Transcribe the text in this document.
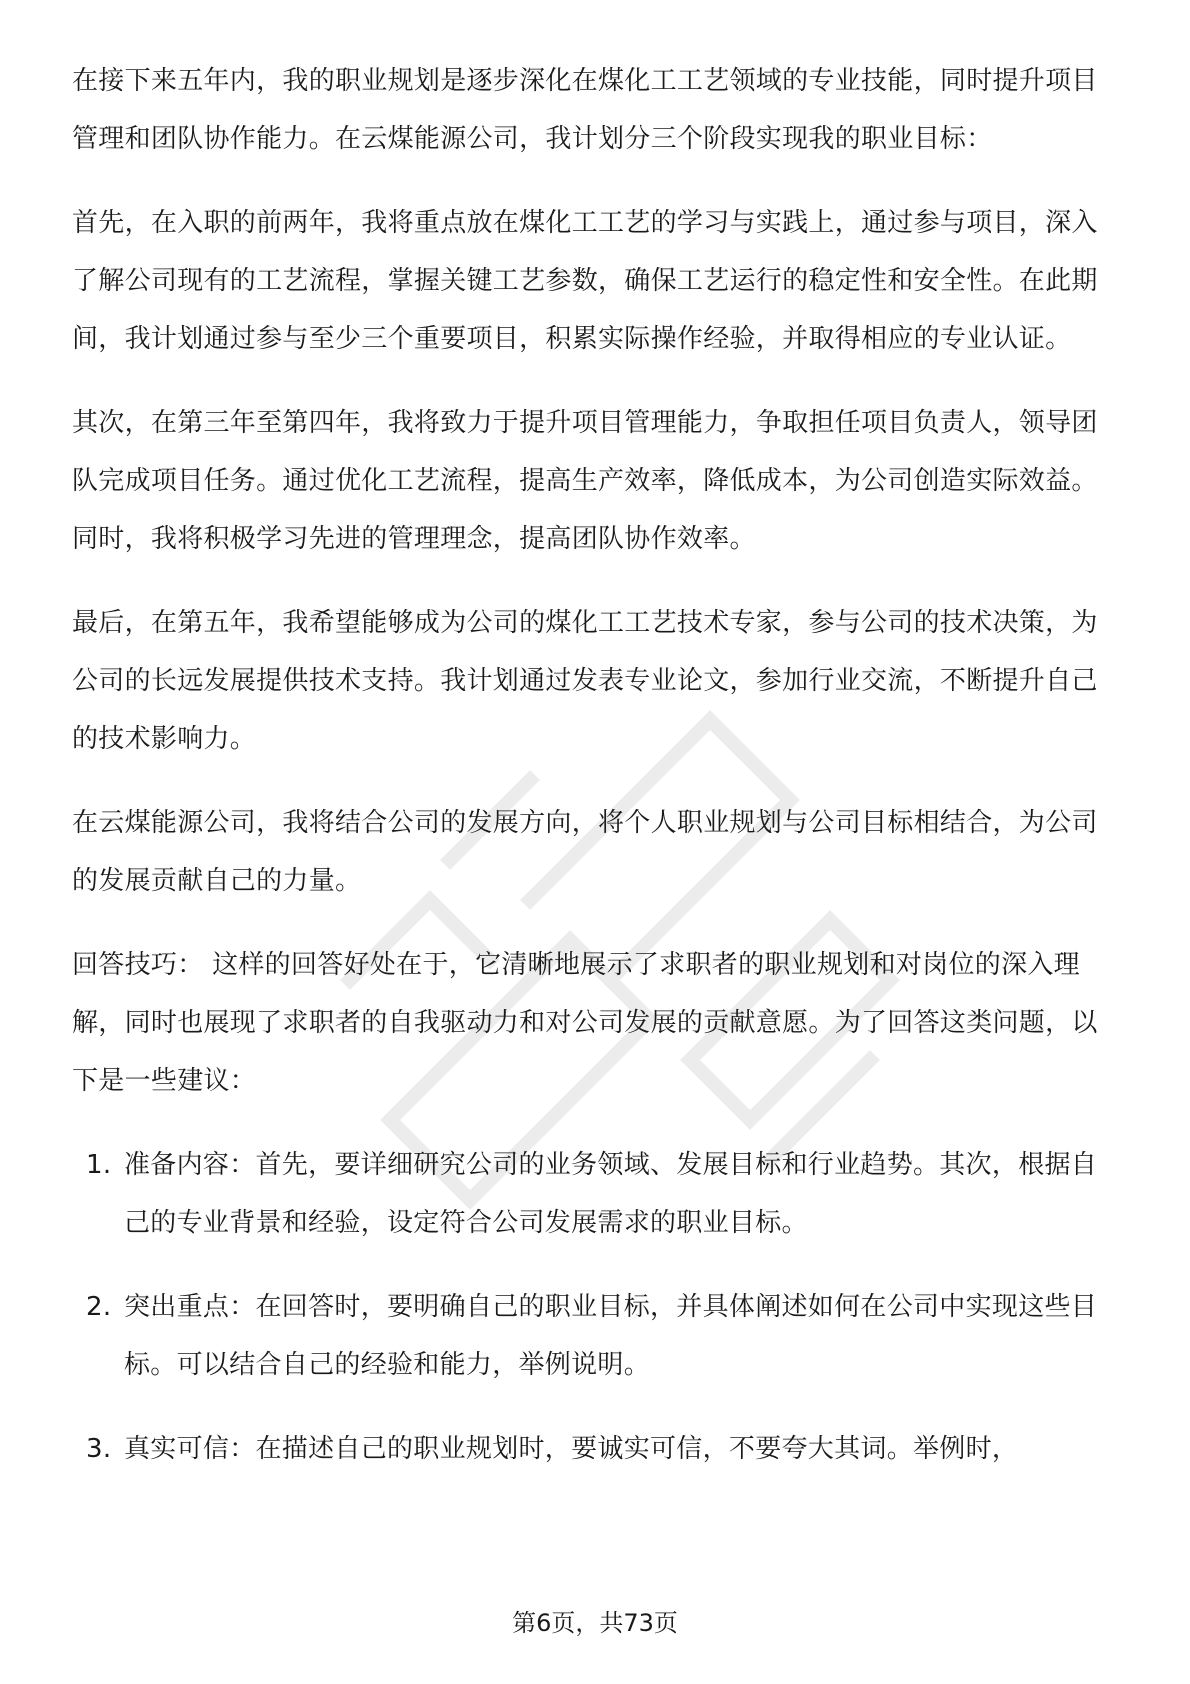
在接下来五年内，我的职业规划是逐步深化在煤化工工艺领域的专业技能，同时提升项目管理和团队协作能力。在云煤能源公司，我计划分三个阶段实现我的职业目标：

首先，在入职的前两年，我将重点放在煤化工工艺的学习与实践上，通过参与项目，深入了解公司现有的工艺流程，掌握关键工艺参数，确保工艺运行的稳定性和安全性。在此期间，我计划通过参与至少三个重要项目，积累实际操作经验，并取得相应的专业认证。

其次，在第三年至第四年，我将致力于提升项目管理能力，争取担任项目负责人，领导团队完成项目任务。通过优化工艺流程，提高生产效率，降低成本，为公司创造实际效益。同时，我将积极学习先进的管理理念，提高团队协作效率。

最后，在第五年，我希望能够成为公司的煤化工工艺技术专家，参与公司的技术决策，为公司的长远发展提供技术支持。我计划通过发表专业论文，参加行业交流，不断提升自己的技术影响力。

在云煤能源公司，我将结合公司的发展方向，将个人职业规划与公司目标相结合，为公司的发展贡献自己的力量。

回答技巧： 这样的回答好处在于，它清晰地展示了求职者的职业规划和对岗位的深入理解，同时也展现了求职者的自我驱动力和对公司发展的贡献意愿。为了回答这类问题，以下是一些建议：

1. 准备内容：首先，要详细研究公司的业务领域、发展目标和行业趋势。其次，根据自己的专业背景和经验，设定符合公司发展需求的职业目标。
2. 突出重点：在回答时，要明确自己的职业目标，并具体阐述如何在公司中实现这些目标。可以结合自己的经验和能力，举例说明。
3. 真实可信：在描述自己的职业规划时，要诚实可信，不要夸大其词。举例时，
第6页，共73页
